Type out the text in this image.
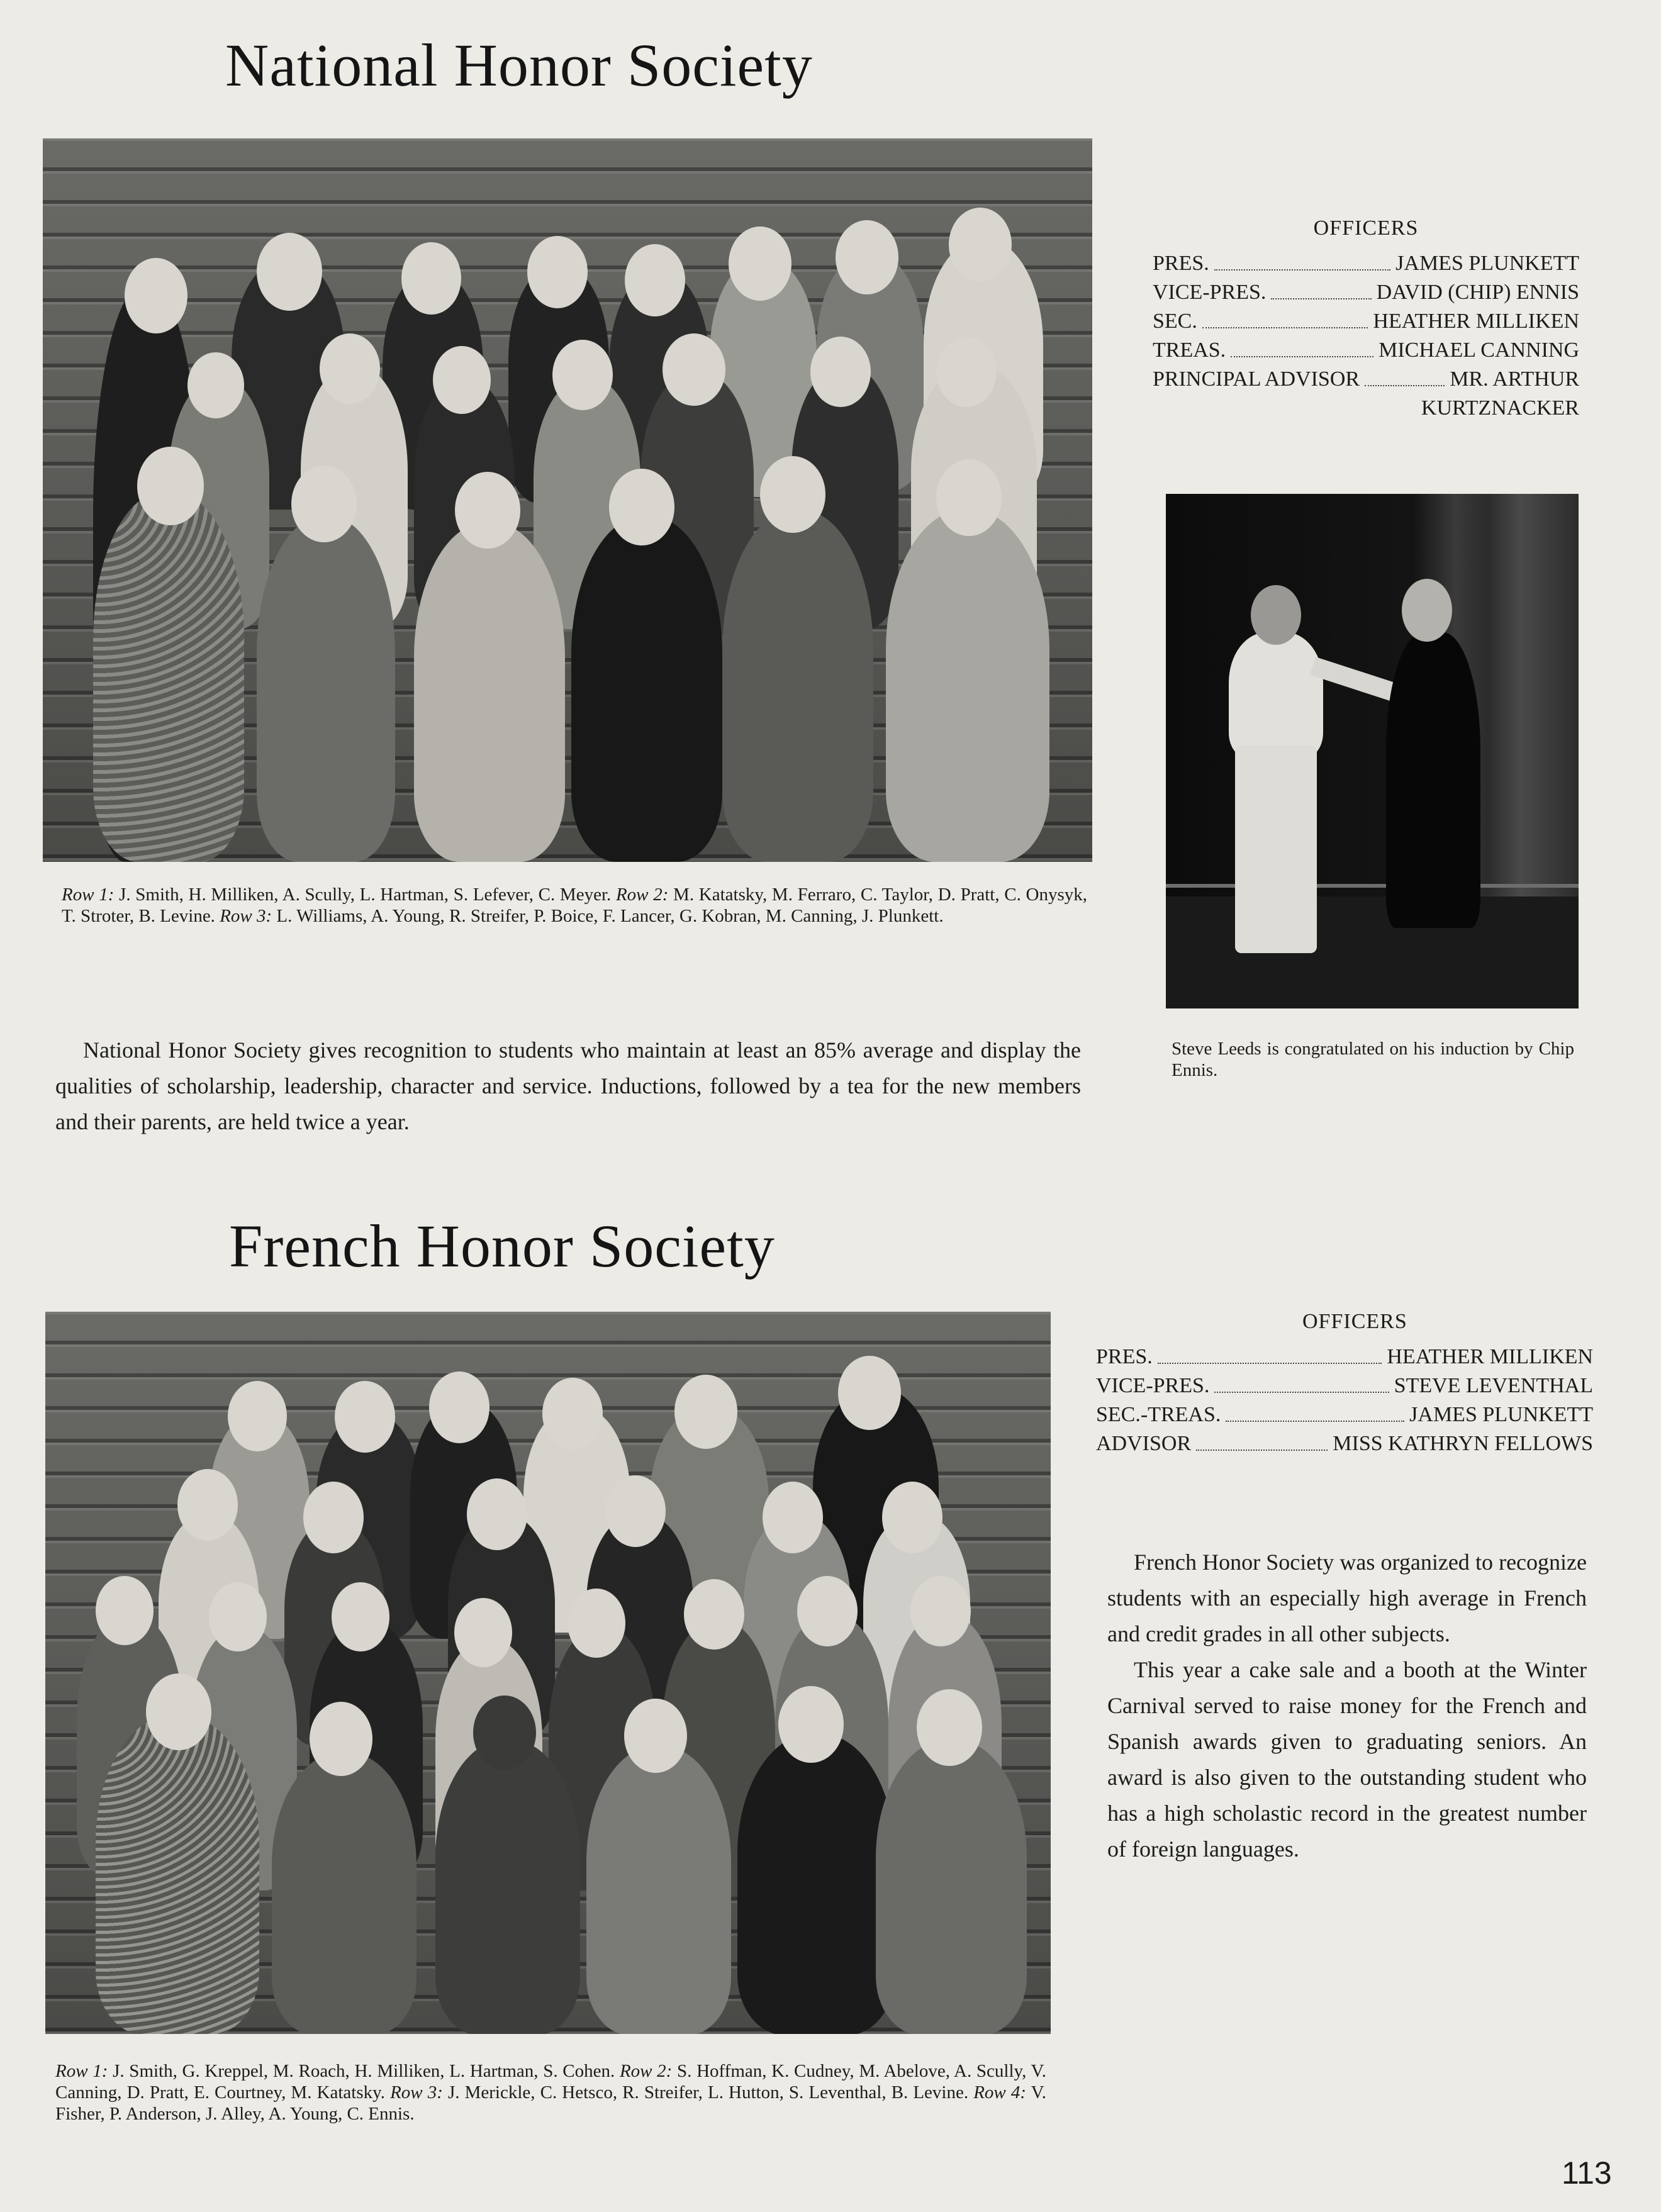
National Honor Society
Row 1: J. Smith, H. Milliken, A. Scully, L. Hartman, S. Lefever, C. Meyer. Row 2: M. Katatsky, M. Ferraro, C. Taylor, D. Pratt, C. Onysyk, T. Stroter, B. Levine. Row 3: L. Williams, A. Young, R. Streifer, P. Boice, F. Lancer, G. Kobran, M. Canning, J. Plunkett.
National Honor Society gives recognition to students who maintain at least an 85% average and display the qualities of scholarship, leadership, character and service. Inductions, followed by a tea for the new members and their parents, are held twice a year.
OFFICERS
PRES.	JAMES PLUNKETT
VICE-PRES.	DAVID (CHIP) ENNIS
SEC.	HEATHER MILLIKEN
TREAS.	MICHAEL CANNING
PRINCIPAL ADVISOR	MR. ARTHUR
KURTZNACKER
Steve Leeds is congratulated on his induction by Chip Ennis.
French Honor Society
OFFICERS
PRES.	HEATHER MILLIKEN
VICE-PRES.	STEVE LEVENTHAL
SEC.-TREAS.	JAMES PLUNKETT
ADVISOR	MISS KATHRYN FELLOWS
French Honor Society was organized to recognize students with an especially high average in French and credit grades in all other subjects.
This year a cake sale and a booth at the Winter Carnival served to raise money for the French and Spanish awards given to graduating seniors. An award is also given to the outstanding student who has a high scholastic record in the greatest number of foreign languages.
Row 1: J. Smith, G. Kreppel, M. Roach, H. Milliken, L. Hartman, S. Cohen. Row 2: S. Hoffman, K. Cudney, M. Abelove, A. Scully, V. Canning, D. Pratt, E. Courtney, M. Katatsky. Row 3: J. Merickle, C. Hetsco, R. Streifer, L. Hutton, S. Leventhal, B. Levine. Row 4: V. Fisher, P. Anderson, J. Alley, A. Young, C. Ennis.
113
